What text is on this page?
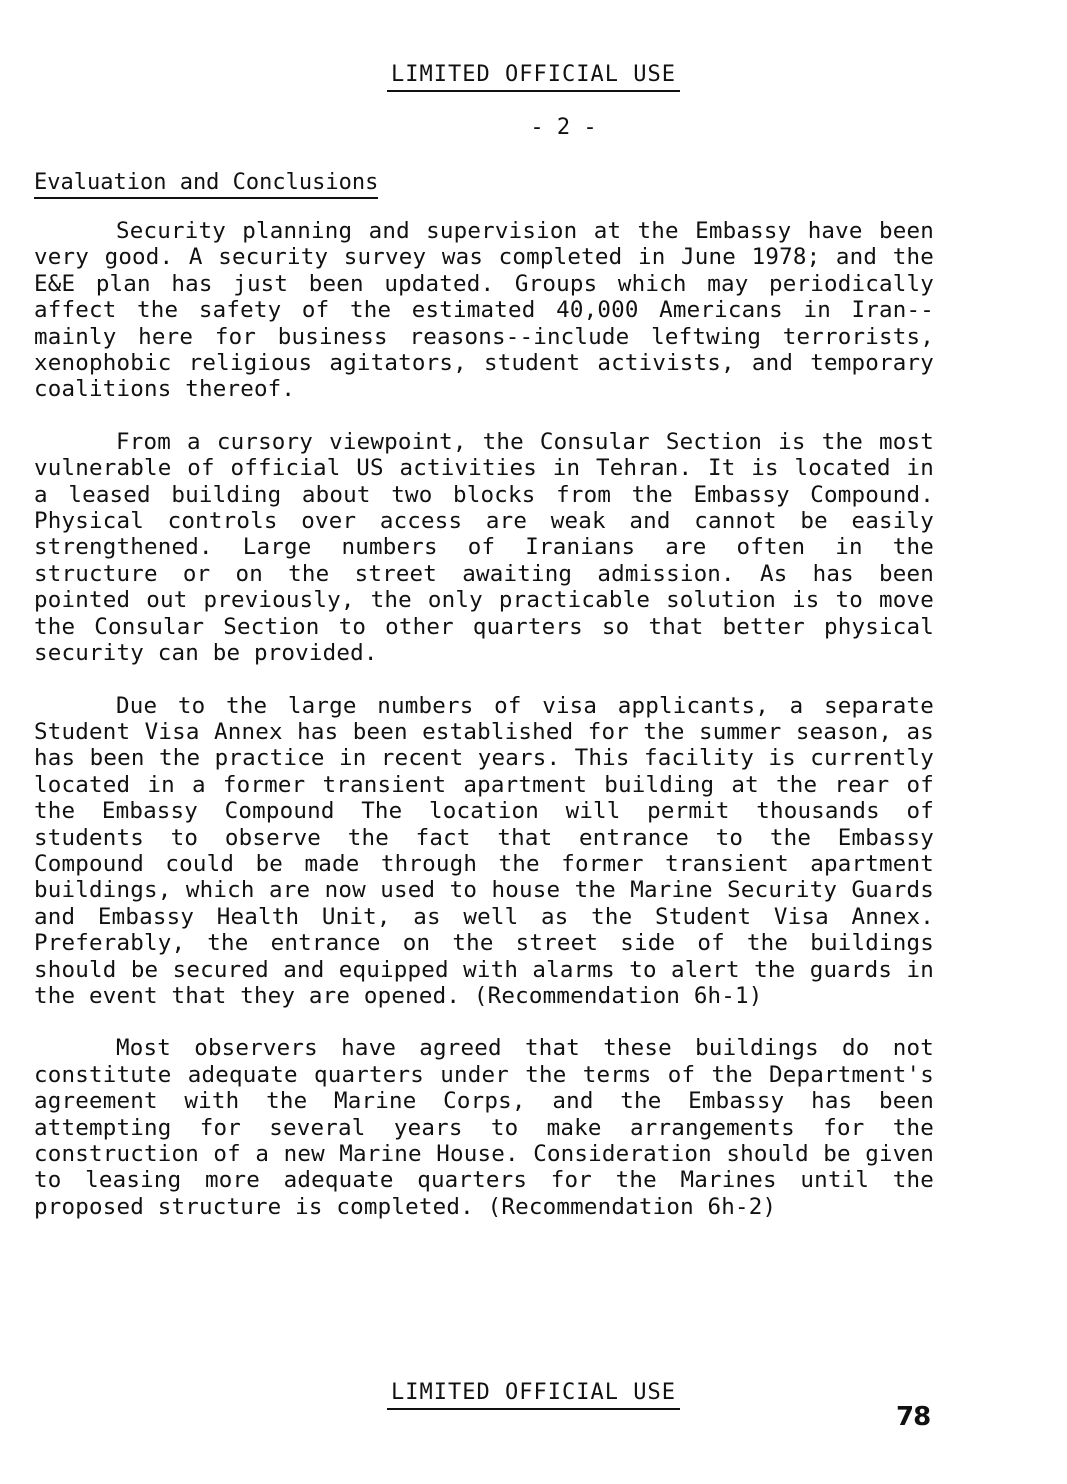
LIMITED OFFICIAL USE
- 2 -
Evaluation and Conclusions

Security planning and supervision at the Embassy have been very good. A security survey was completed in June 1978; and the E&E plan has just been updated. Groups which may periodically affect the safety of the estimated 40,000 Americans in Iran--mainly here for business reasons--include leftwing terrorists, xenophobic religious agitators, student activists, and temporary coalitions thereof.

From a cursory viewpoint, the Consular Section is the most vulnerable of official US activities in Tehran. It is located in a leased building about two blocks from the Embassy Compound. Physical controls over access are weak and cannot be easily strengthened. Large numbers of Iranians are often in the structure or on the street awaiting admission. As has been pointed out previously, the only practicable solution is to move the Consular Section to other quarters so that better physical security can be provided.

Due to the large numbers of visa applicants, a separate Student Visa Annex has been established for the summer season, as has been the practice in recent years. This facility is currently located in a former transient apartment building at the rear of the Embassy Compound The location will permit thousands of students to observe the fact that entrance to the Embassy Compound could be made through the former transient apartment buildings, which are now used to house the Marine Security Guards and Embassy Health Unit, as well as the Student Visa Annex. Preferably, the entrance on the street side of the buildings should be secured and equipped with alarms to alert the guards in the event that they are opened. (Recommendation 6h-1)

Most observers have agreed that these buildings do not constitute adequate quarters under the terms of the Department's agreement with the Marine Corps, and the Embassy has been attempting for several years to make arrangements for the construction of a new Marine House. Consideration should be given to leasing more adequate quarters for the Marines until the proposed structure is completed. (Recommendation 6h-2)

LIMITED OFFICIAL USE
78
